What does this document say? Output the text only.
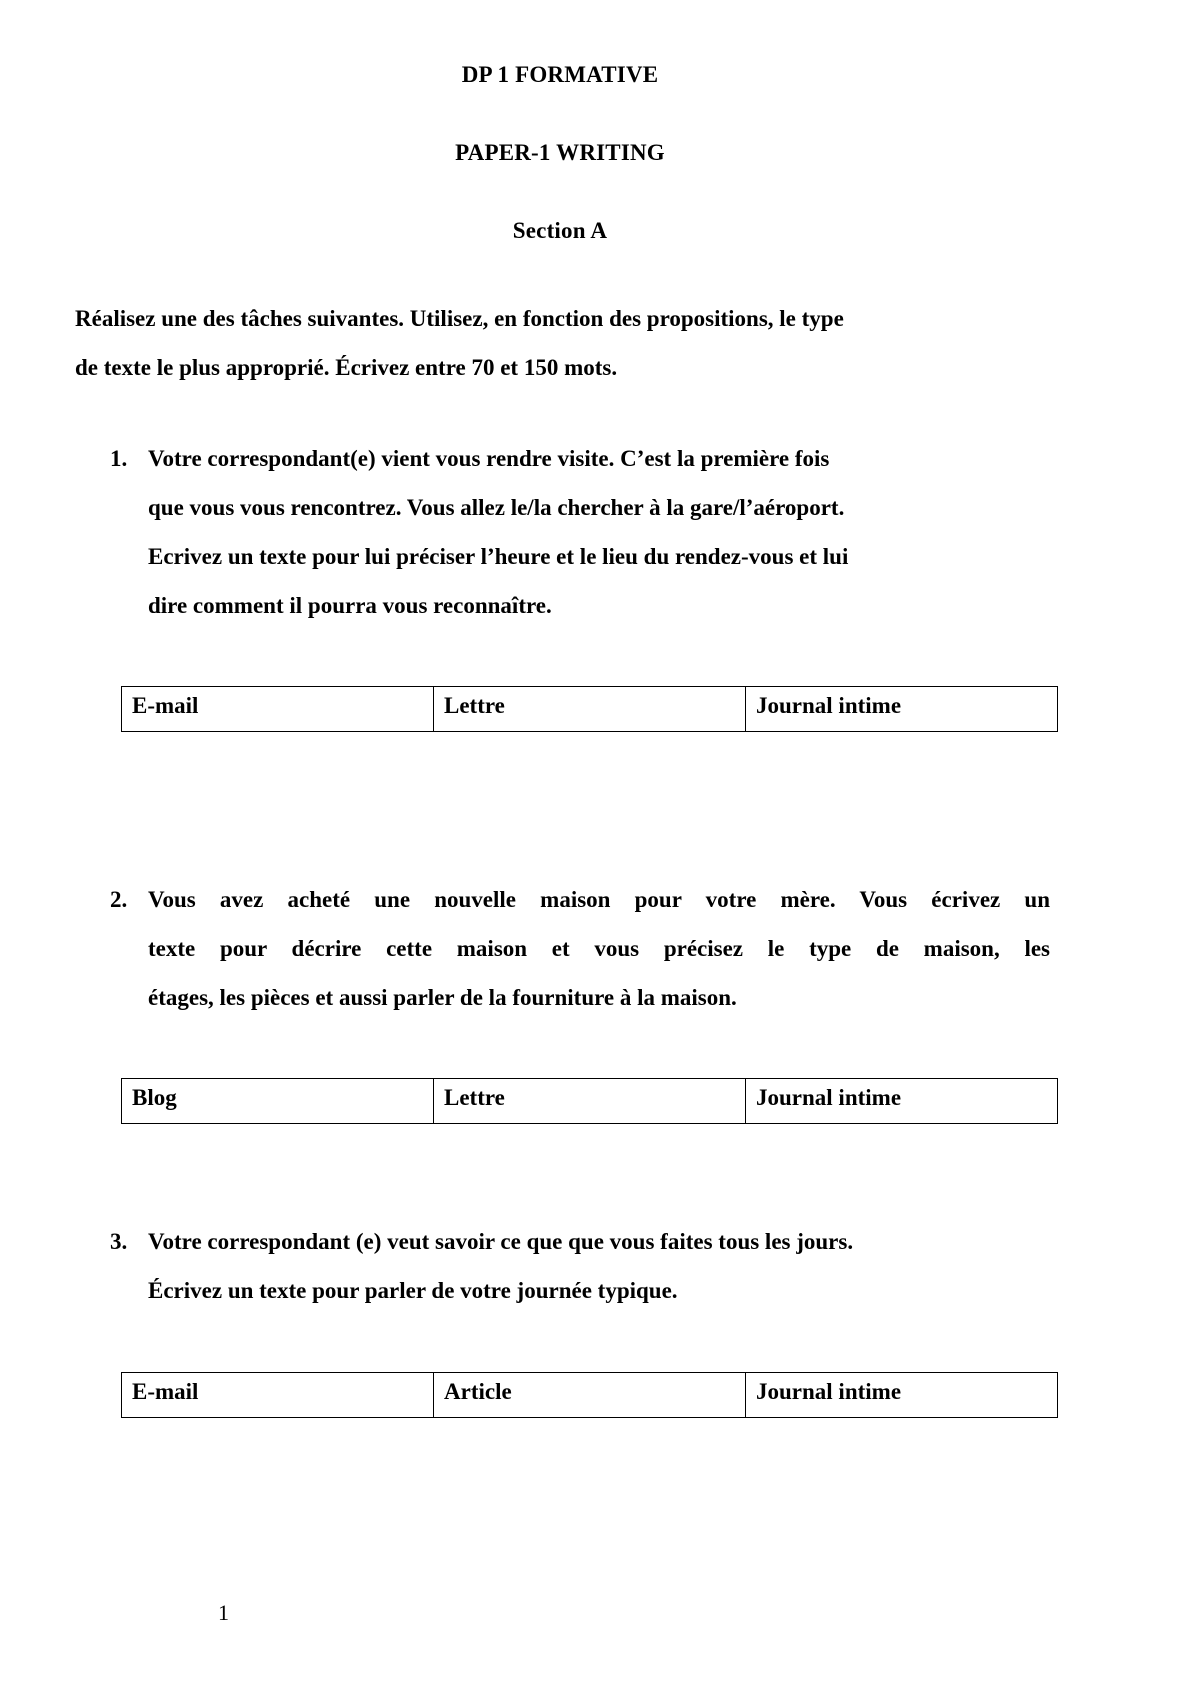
DP 1 FORMATIVE
PAPER-1 WRITING
Section A
Réalisez une des tâches suivantes. Utilisez, en fonction des propositions, le type
de texte le plus approprié. Écrivez entre 70 et 150 mots.
1. Votre correspondant(e) vient vous rendre visite. C’est la première fois
que vous vous rencontrez. Vous allez le/la chercher à la gare/l’aéroport.
Ecrivez un texte pour lui préciser l’heure et le lieu du rendez-vous et lui
dire comment il pourra vous reconnaître.
E-mail	Lettre	Journal intime
2. Vous avez acheté une nouvelle maison pour votre mère. Vous écrivez un
texte pour décrire cette maison et vous précisez le type de maison, les
étages, les pièces et aussi parler de la fourniture à la maison.
Blog	Lettre	Journal intime
3. Votre correspondant (e) veut savoir ce que que vous faites tous les jours.
Écrivez un texte pour parler de votre journée typique.
E-mail	Article	Journal intime
1
